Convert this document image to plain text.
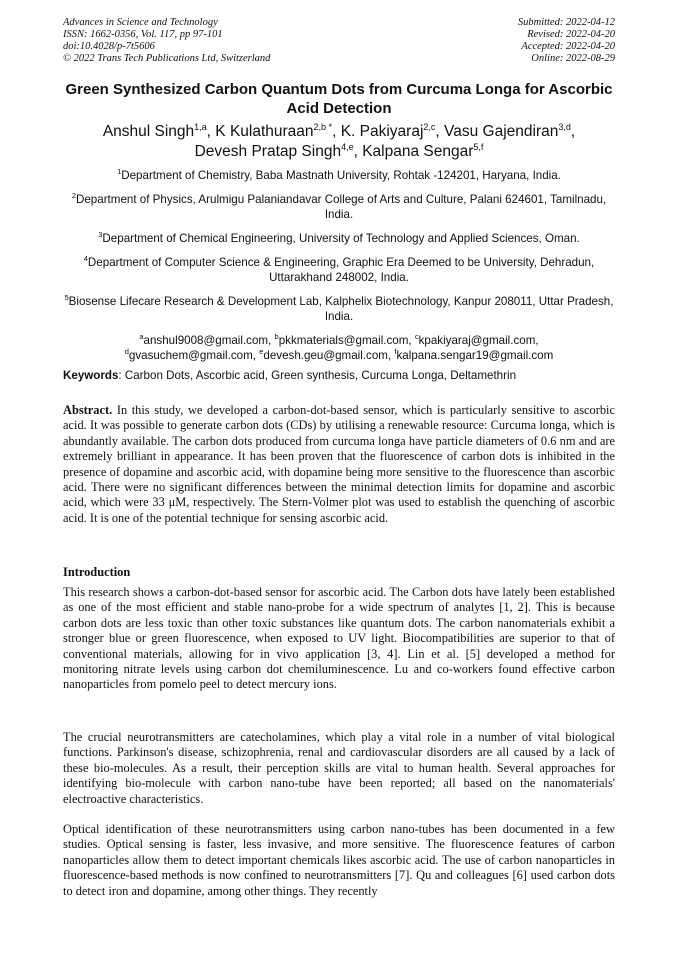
Advances in Science and Technology
ISSN: 1662-0356, Vol. 117, pp 97-101
doi:10.4028/p-7t5606
© 2022 Trans Tech Publications Ltd, Switzerland
Submitted: 2022-04-12
Revised: 2022-04-20
Accepted: 2022-04-20
Online: 2022-08-29
Green Synthesized Carbon Quantum Dots from Curcuma Longa for Ascorbic Acid Detection
Anshul Singh$^{1,a}$, K Kulathuraan$^{2,b *}$, K. Pakiyaraj$^{2,c}$, Vasu Gajendiran$^{3,d}$,
Devesh Pratap Singh$^{4,e}$, Kalpana Sengar$^{5,f}$

$^1$Department of Chemistry, Baba Mastnath University, Rohtak -124201, Haryana, India.

$^2$Department of Physics, Arulmigu Palaniandavar College of Arts and Culture, Palani 624601, Tamilnadu, India.

$^3$Department of Chemical Engineering, University of Technology and Applied Sciences, Oman.

$^4$Department of Computer Science & Engineering, Graphic Era Deemed to be University, Dehradun, Uttarakhand 248002, India.

$^5$Biosense Lifecare Research & Development Lab, Kalphelix Biotechnology, Kanpur 208011, Uttar Pradesh, India.

$^a$anshul9008@gmail.com, $^b$pkkmaterials@gmail.com, $^c$kpakiyaraj@gmail.com,
$^d$gvasuchem@gmail.com, $^e$devesh.geu@gmail.com, $^f$kalpana.sengar19@gmail.com
Keywords: Carbon Dots, Ascorbic acid, Green synthesis, Curcuma Longa, Deltamethrin

Abstract. In this study, we developed a carbon-dot-based sensor, which is particularly sensitive to ascorbic acid. It was possible to generate carbon dots (CDs) by utilising a renewable resource: Curcuma longa, which is abundantly available. The carbon dots produced from curcuma longa have particle diameters of 0.6 nm and are extremely brilliant in appearance. It has been proven that the fluorescence of carbon dots is inhibited in the presence of dopamine and ascorbic acid, with dopamine being more sensitive to the fluorescence than ascorbic acid. There were no significant differences between the minimal detection limits for dopamine and ascorbic acid, which were 33 μM, respectively. The Stern-Volmer plot was used to establish the quenching of ascorbic acid. It is one of the potential technique for sensing ascorbic acid.

Introduction

This research shows a carbon-dot-based sensor for ascorbic acid. The Carbon dots have lately been established as one of the most efficient and stable nano-probe for a wide spectrum of analytes [1, 2]. This is because carbon dots are less toxic than other toxic substances like quantum dots. The carbon nanomaterials exhibit a stronger blue or green fluorescence, when exposed to UV light. Biocompatibilities are superior to that of conventional materials, allowing for in vivo application [3, 4]. Lin et al. [5] developed a method for monitoring nitrate levels using carbon dot chemiluminescence. Lu and co-workers found effective carbon nanoparticles from pomelo peel to detect mercury ions.

The crucial neurotransmitters are catecholamines, which play a vital role in a number of vital biological functions. Parkinson's disease, schizophrenia, renal and cardiovascular disorders are all caused by a lack of these bio-molecules. As a result, their perception skills are vital to human health. Several approaches for identifying bio-molecule with carbon nano-tube have been reported; all based on the nanomaterials' electroactive characteristics.

Optical identification of these neurotransmitters using carbon nano-tubes has been documented in a few studies. Optical sensing is faster, less invasive, and more sensitive. The fluorescence features of carbon nanoparticles allow them to detect important chemicals likes ascorbic acid. The use of carbon nanoparticles in fluorescence-based methods is now confined to neurotransmitters [7]. Qu and colleagues [6] used carbon dots to detect iron and dopamine, among other things. They recently
